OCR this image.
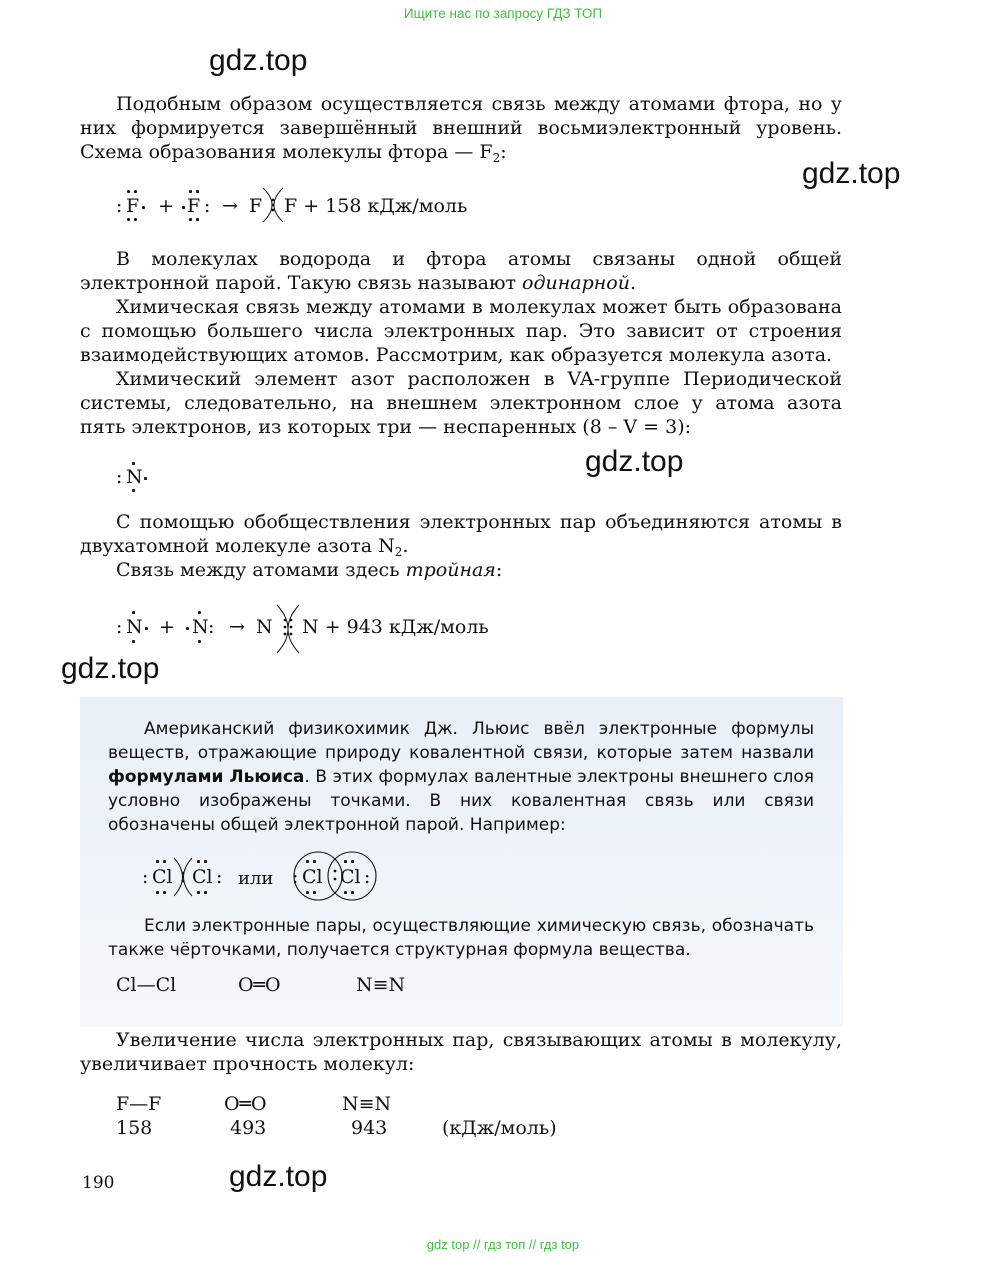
Ищите нас по запросу ГДЗ ТОП
gdz.top
gdz.top
gdz.top
gdz.top
gdz.top

Подобным образом осуществляется связь между атомами фтора, но у них формируется завершённый внешний восьмиэлектронный уровень. Схема образования молекулы фтора — $F_2$:

: F + F : → F F + 158 кДж/моль

В молекулах водорода и фтора атомы связаны одной общей электронной парой. Такую связь называют одинарной.

Химическая связь между атомами в молекулах может быть образована с помощью большего числа электронных пар. Это зависит от строения взаимодействующих атомов. Рассмотрим, как образуется молекула азота.

Химический элемент азот расположен в VA-группе Периодической системы, следовательно, на внешнем электронном слое у атома азота пять электронов, из которых три — неспаренных (8 – V = 3):

: N

С помощью обобществления электронных пар объединяются атомы в двухатомной молекуле азота $N_2$.

Связь между атомами здесь тройная:

: N + N : → N N + 943 кДж/моль

Американский физикохимик Дж. Льюис ввёл электронные формулы веществ, отражающие природу ковалентной связи, которые затем назвали формулами Льюиса. В этих формулах валентные электроны внешнего слоя условно изображены точками. В них ковалентная связь или связи обозначены общей электронной парой. Например:

: Cl Cl : или : Cl Cl :

Если электронные пары, осуществляющие химическую связь, обозначать также чёрточками, получается структурная формула вещества.

Cl—Cl	O═O	N≡N

Увеличение числа электронных пар, связывающих атомы в молекулу, увеличивает прочность молекул:

F—F	O═O	N≡N
158	493	943	(кДж/моль)
190
gdz top // гдз топ // гдз top
